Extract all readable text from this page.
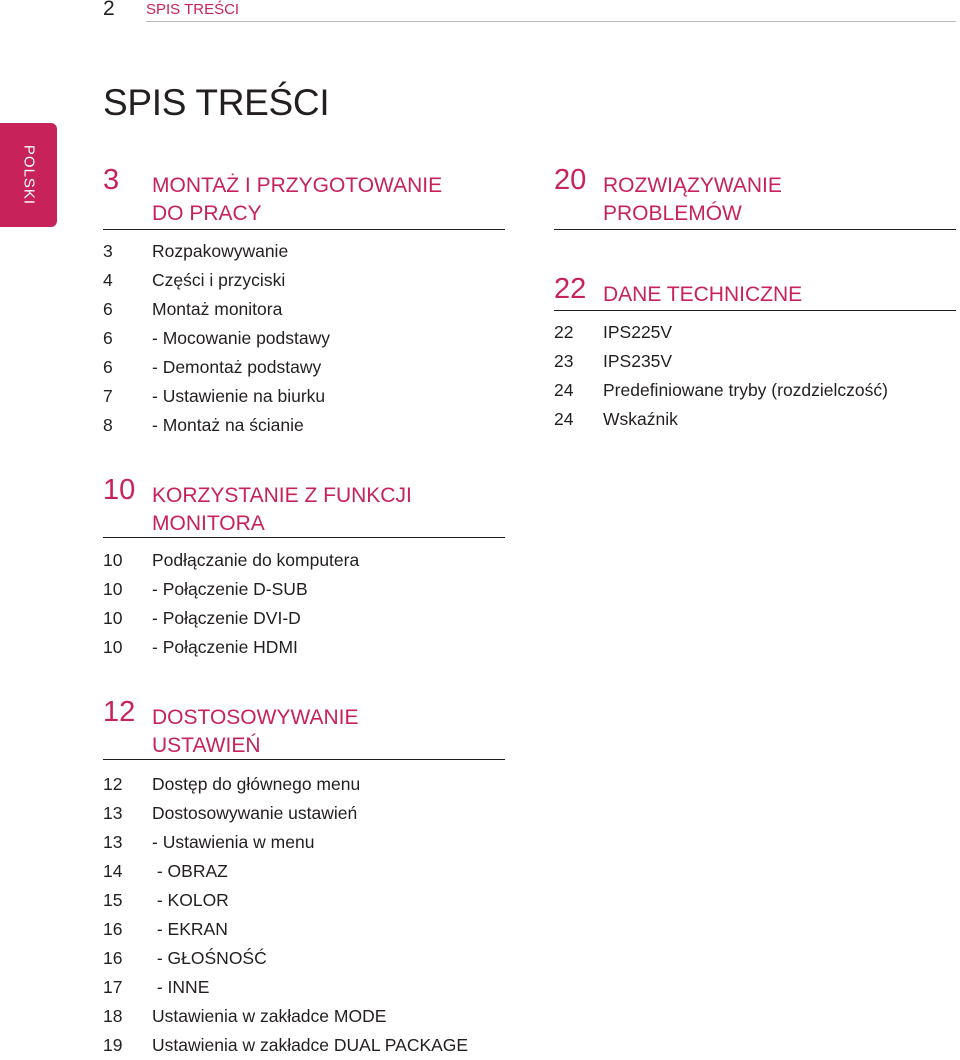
2 SPIS TREŚCI
SPIS TREŚCI
POLSKI 3 MONTAŻ I PRZYGOTOWANIE
DO PRACY
3 Rozpakowywanie
4 Części i przyciski
6 Montaż monitora
6 - Mocowanie podstawy
6 - Demontaż podstawy
7 - Ustawienie na biurku
8 - Montaż na ścianie
10 KORZYSTANIE Z FUNKCJI
MONITORA
10 Podłączanie do komputera
10 - Połączenie D-SUB
10 - Połączenie DVI-D
10 - Połączenie HDMI
12 DOSTOSOWYWANIE
USTAWIEŃ
12 Dostęp do głównego menu
13 Dostosowywanie ustawień
13 - Ustawienia w menu
14 - OBRAZ
15 - KOLOR
16 - EKRAN
16 - GŁOŚNOŚĆ
17 - INNE
18 Ustawienia w zakładce MODE
19 Ustawienia w zakładce DUAL PACKAGE
20 ROZWIĄZYWANIE
PROBLEMÓW
22 DANE TECHNICZNE
22 IPS225V
23 IPS235V
24 Predefiniowane tryby (rozdzielczość)
24 Wskaźnik
